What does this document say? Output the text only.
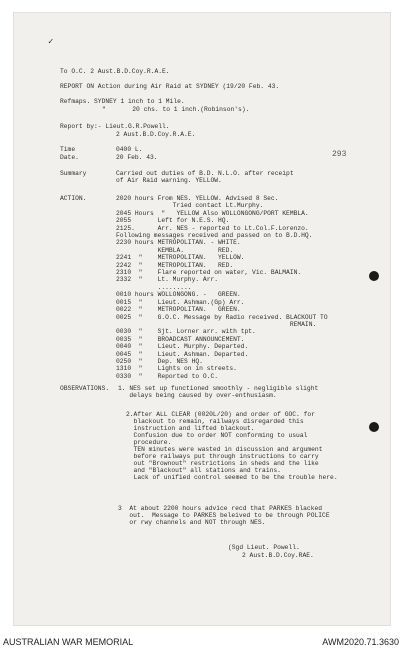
✓
293
To O.C. 2 Aust.B.D.Coy.R.A.E.
REPORT ON Action during Air Raid at SYDNEY (19/20 Feb. 43.
Refmaps. SYDNEY 1 inch to 1 Mile.
"       20 chs. to 1 inch.(Robinson's).
Report by:- Lieut.G.R.Powell.
2 Aust.B.D.Coy.R.A.E.
Time	0400 L.
Date.	20 Feb. 43.
Summary	Carried out duties of B.D. N.L.O. after receipt
of Air Raid warning. YELLOW.
ACTION.	2020 hours From NES. YELLOW. Advised 8 Sec.
Tried contact Lt.Murphy.
2045 Hours  "   YELLOW Also WOLLONGONG/PORT KEMBLA.
2055       Left for N.E.S. HQ.
2125.      Arr. NES - reported to Lt.Col.F.Lorenzo.
Following messages received and passed on to B.D.HQ.
2230 hours METROPOLITAN. - WHITE.
KEMBLA.         RED.
2241  "    METROPOLITAN.   YELLOW.
2242  "    METROPOLITAN.   RED.
2310  "    Flare reported on water, Vic. BALMAIN.
2332  "    Lt. Murphy. Arr.
.........
0010 hours WOLLONGONG. -   GREEN.
0015  "    Lieut. Ashman.(Gp) Arr.
0022  "    METROPOLITAN.   GREEN.
0025  "    G.O.C. Message by Radio received. BLACKOUT TO
REMAIN.
0030  "    Sjt. Lorner arr. with tpt.
0035  "    BROADCAST ANNOUNCEMENT.
0040  "    Lieut. Murphy. Departed.
0045  "    Lieut. Ashman. Departed.
0250  "    Dep. NES HQ.
1310  "    Lights on in streets.
0330  "    Reported to O.C.
OBSERVATIONS. 1. NES set up functioned smoothly - negligible slight
delays being caused by over-enthusiasm.
2.After ALL CLEAR (0020L/20) and order of GOC. for
blackout to remain, railways disregarded this
instruction and lifted blackout.
Confusion due to order NOT conforming to usual
procedure.
TEN minutes were wasted in discussion and argument
before railways put through instructions to carry
out "Brownout" restrictions in sheds and the like
and "Blackout" all stations and trains.
Lack of unified control seemed to be the trouble here.
3  At about 2200 hours advice recd that PARKES blacked
out.  Message to PARKES beleived to be through POLICE
or rwy channels and NOT through NES.
(Sgd Lieut. Powell.
2 Aust.B.D.Coy.RAE.
AUSTRALIAN WAR MEMORIAL	AWM2020.71.3630
